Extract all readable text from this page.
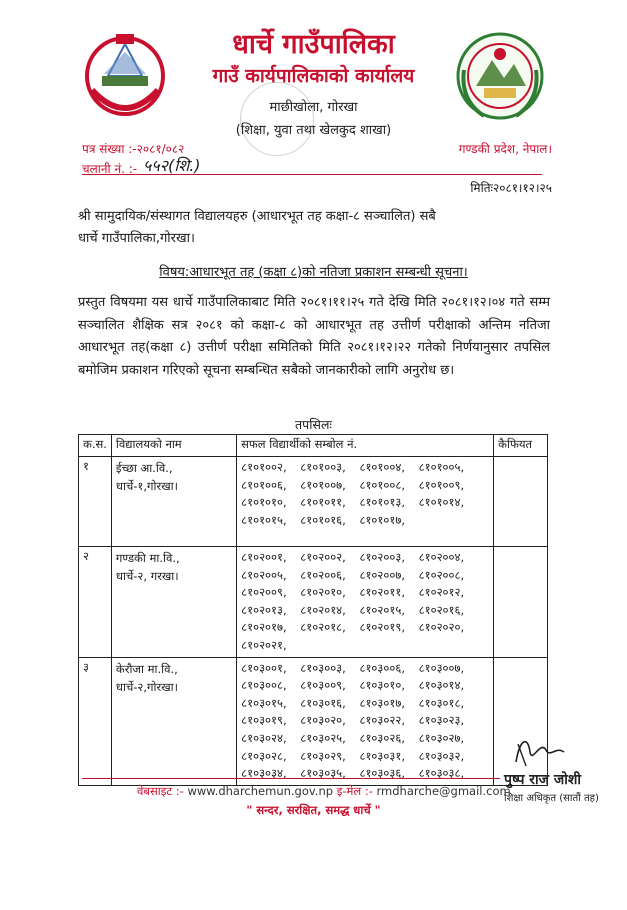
धार्चे गाउँपालिका
गाउँ कार्यपालिकाको कार्यालय
माछीखोला, गोरखा
(शिक्षा, युवा तथा खेलकुद शाखा)
पत्र संख्या :-२०८१/०८२
चलानी नं. :- ५५२(शि.)
गण्डकी प्रदेश, नेपाल।
मितिः२०८१।१२।२५
श्री सामुदायिक/संस्थागत विद्यालयहरु (आधारभूत तह कक्षा-८ सञ्चालित) सबै
धार्चे गाउँपालिका,गोरखा।
विषय:आधारभूत तह (कक्षा ८)को नतिजा प्रकाशन सम्बन्धी सूचना।
प्रस्तुत विषयमा यस धार्चे गाउँपालिकाबाट मिति २०८१।११।२५ गते देखि मिति २०८१।१२।०४ गते सम्म सञ्चालित शैक्षिक सत्र २०८१ को कक्षा-८ को आधारभूत तह उत्तीर्ण परीक्षाको अन्तिम नतिजा आधारभूत तह(कक्षा ८) उत्तीर्ण परीक्षा समितिको मिति २०८१।१२।२२ गतेको निर्णयानुसार तपसिल बमोजिम प्रकाशन गरिएको सूचना सम्बन्धित सबैको जानकारीको लागि अनुरोध छ।
तपसिलः
क.स.	विद्यालयको नाम	सफल विद्यार्थीको सम्बोल नं.	कैफियत
१	ईच्छा आ.वि.,
धार्चे-१,गोरखा।	८१०१००२, ८१०१००३, ८१०१००४, ८१०१००५, ८१०१००६, ८१०१००७, ८१०१००८, ८१०१००९, ८१०१०१०, ८१०१०११, ८१०१०१३, ८१०१०१४, ८१०१०१५, ८१०१०१६, ८१०१०१७,	
२	गण्डकी मा.वि.,
धार्चे-२, गरखा।	८१०२००१, ८१०२००२, ८१०२००३, ८१०२००४, ८१०२००५, ८१०२००६, ८१०२००७, ८१०२००८, ८१०२००९, ८१०२०१०, ८१०२०११, ८१०२०१२, ८१०२०१३, ८१०२०१४, ८१०२०१५, ८१०२०१६, ८१०२०१७, ८१०२०१८, ८१०२०१९, ८१०२०२०, ८१०२०२१,	
३	केरौजा मा.वि.,
धार्चे-२,गोरखा।	८१०३००१, ८१०३००३, ८१०३००६, ८१०३००७, ८१०३००८, ८१०३००९, ८१०३०१०, ८१०३०१४, ८१०३०१५, ८१०३०१६, ८१०३०१७, ८१०३०१८, ८१०३०१९, ८१०३०२०, ८१०३०२२, ८१०३०२३, ८१०३०२४, ८१०३०२५, ८१०३०२६, ८१०३०२७, ८१०३०२८, ८१०३०२९, ८१०३०३१, ८१०३०३२, ८१०३०३४, ८१०३०३५, ८१०३०३६, ८१०३०३८,		पुष्प राज जोशी
शिक्षा अधिकृत (सातौं तह)
वेबसाइट :- www.dharchemun.gov.np इ-मेल :- rmdharche@gmail.com
" सन्दर, सरक्षित, समद्ध धार्चे "
